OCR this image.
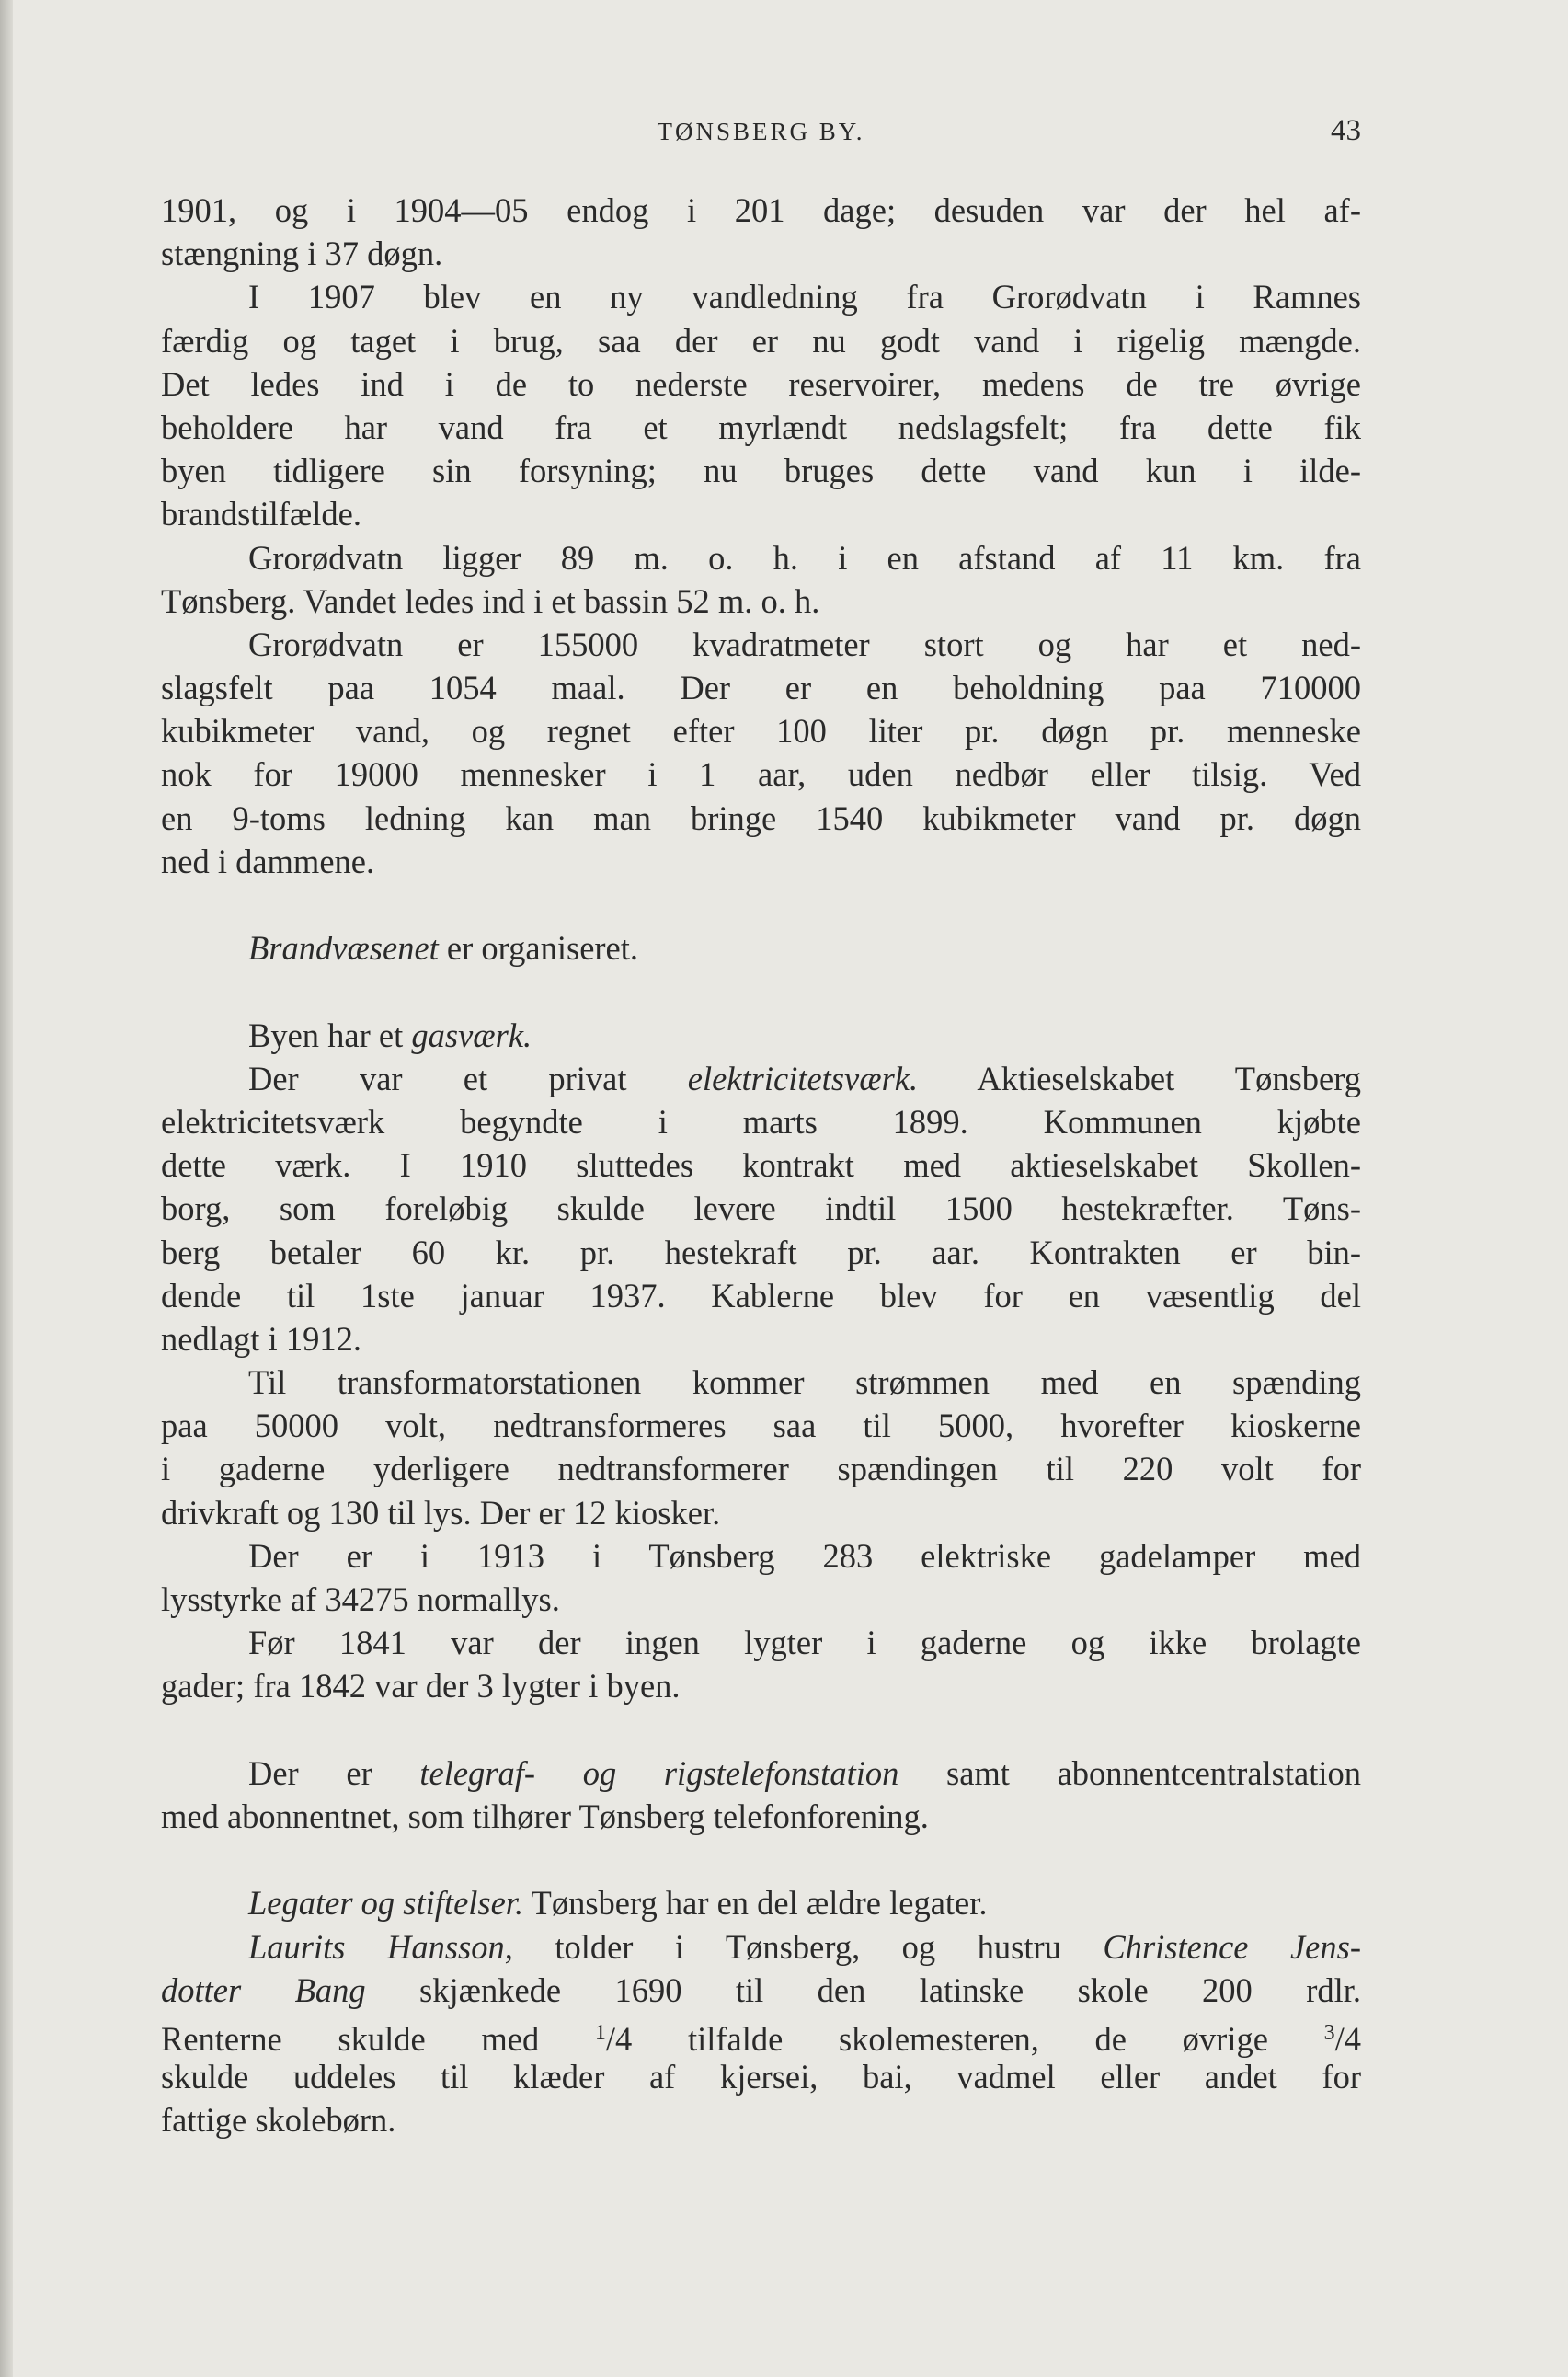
TØNSBERG BY.	43
1901, og i 1904—05 endog i 201 dage; desuden var der hel af-
stængning i 37 døgn.
I 1907 blev en ny vandledning fra Grorødvatn i Ramnes
færdig og taget i brug, saa der er nu godt vand i rigelig mængde.
Det ledes ind i de to nederste reservoirer, medens de tre øvrige
beholdere har vand fra et myrlændt nedslagsfelt; fra dette fik
byen tidligere sin forsyning; nu bruges dette vand kun i ilde-
brandstilfælde.
Grorødvatn ligger 89 m. o. h. i en afstand af 11 km. fra
Tønsberg. Vandet ledes ind i et bassin 52 m. o. h.
Grorødvatn er 155000 kvadratmeter stort og har et ned-
slagsfelt paa 1054 maal. Der er en beholdning paa 710000
kubikmeter vand, og regnet efter 100 liter pr. døgn pr. menneske
nok for 19000 mennesker i 1 aar, uden nedbør eller tilsig. Ved
en 9-toms ledning kan man bringe 1540 kubikmeter vand pr. døgn
ned i dammene.
Brandvæsenet er organiseret.
Byen har et gasværk.
Der var et privat elektricitetsværk. Aktieselskabet Tønsberg
elektricitetsværk begyndte i marts 1899. Kommunen kjøbte
dette værk. I 1910 sluttedes kontrakt med aktieselskabet Skollen-
borg, som foreløbig skulde levere indtil 1500 hestekræfter. Tøns-
berg betaler 60 kr. pr. hestekraft pr. aar. Kontrakten er bin-
dende til 1ste januar 1937. Kablerne blev for en væsentlig del
nedlagt i 1912.
Til transformatorstationen kommer strømmen med en spænding
paa 50000 volt, nedtransformeres saa til 5000, hvorefter kioskerne
i gaderne yderligere nedtransformerer spændingen til 220 volt for
drivkraft og 130 til lys. Der er 12 kiosker.
Der er i 1913 i Tønsberg 283 elektriske gadelamper med
lysstyrke af 34275 normallys.
Før 1841 var der ingen lygter i gaderne og ikke brolagte
gader; fra 1842 var der 3 lygter i byen.
Der er telegraf- og rigstelefonstation samt abonnentcentralstation
med abonnentnet, som tilhører Tønsberg telefonforening.
Legater og stiftelser. Tønsberg har en del ældre legater.
Laurits Hansson, tolder i Tønsberg, og hustru Christence Jens-
dotter Bang skjænkede 1690 til den latinske skole 200 rdlr.
Renterne skulde med $^1$/4 tilfalde skolemesteren, de øvrige $^3$/4
skulde uddeles til klæder af kjersei, bai, vadmel eller andet for
fattige skolebørn.
